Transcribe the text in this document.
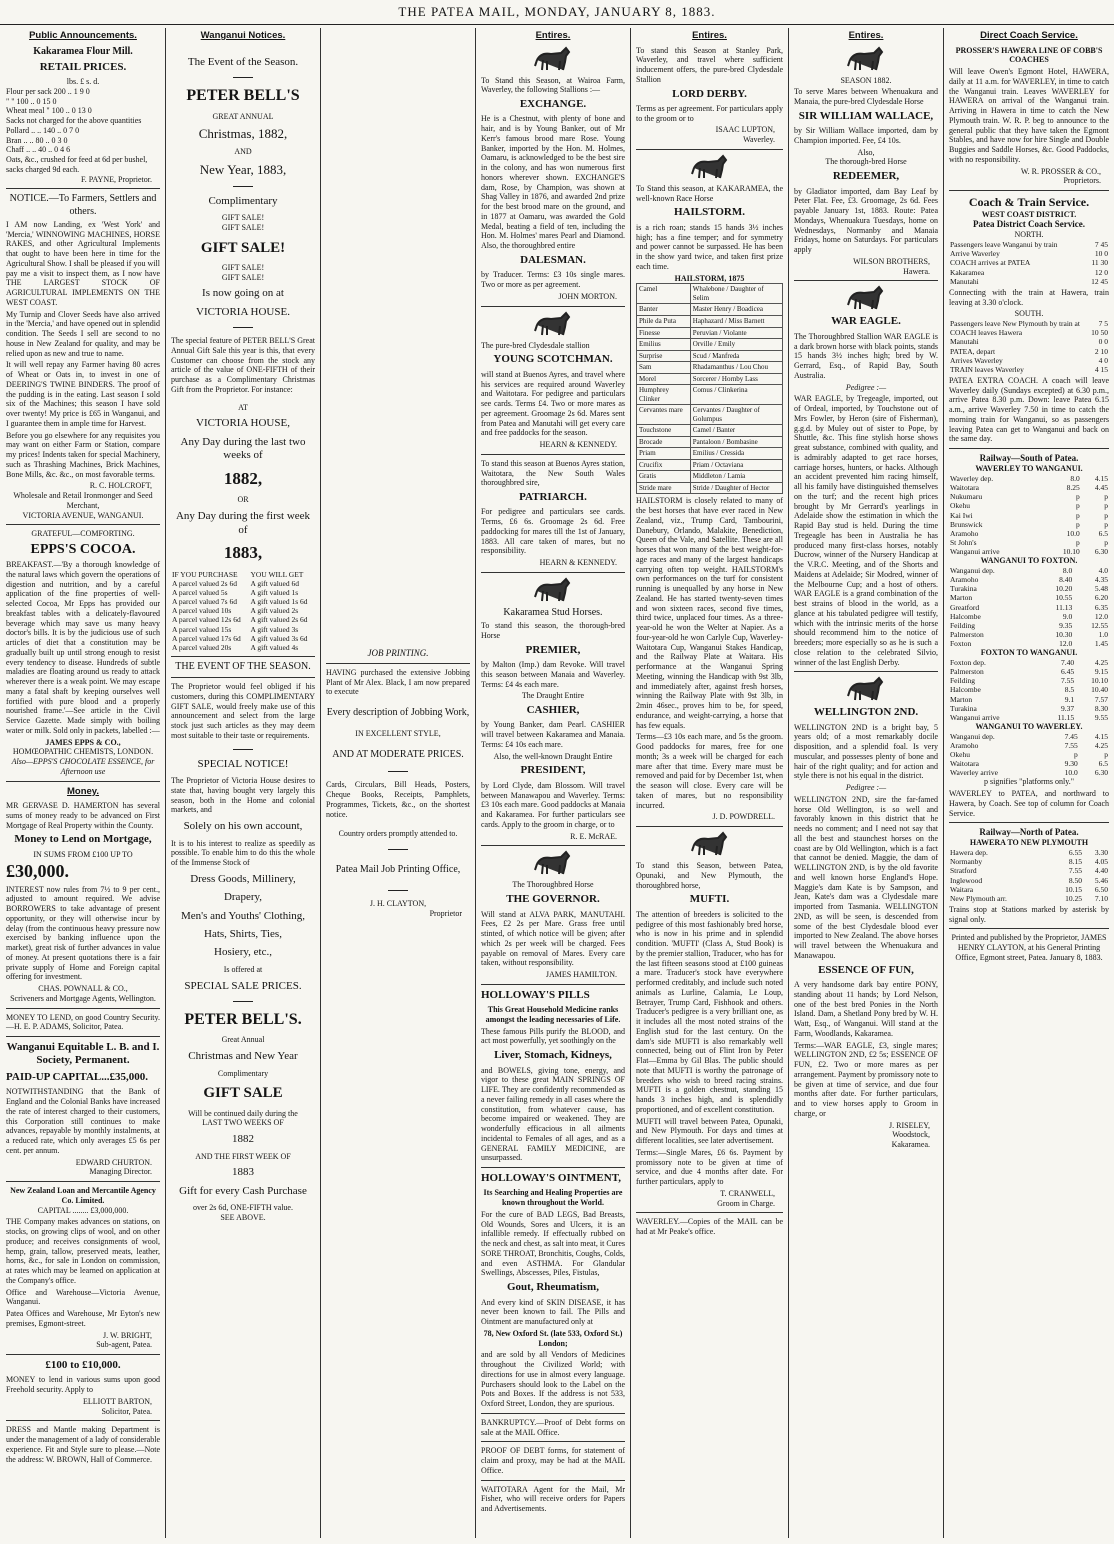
THE PATEA MAIL, MONDAY, JANUARY 8, 1883.
Public Announcements.
Kakaramea Flour Mill.
RETAIL PRICES.
lbs. £ s. d.
Flour per sack 200 .. 1 9 0
" " 100 .. 0 15 0
Wheat meal " 100 .. 0 13 0
Sacks not charged for the above quantities
Pollard .. .. 140 .. 0 7 0
Bran .. .. 80 .. 0 3 0
Chaff .. .. 40 .. 0 4 6
Oats, &c., crushed for feed at 6d per bushel, sacks charged 9d each.
F. PAYNE, Proprietor.
NOTICE.—To Farmers, Settlers and others.

I AM now Landing, ex 'West York' and 'Mercia,' WINNOWING MACHINES, HORSE RAKES, and other Agricultural Implements that ought to have been here in time for the Agricultural Show. I shall be pleased if you will pay me a visit to inspect them, as I now have THE LARGEST STOCK OF AGRICULTURAL IMPLEMENTS ON THE WEST COAST.

My Turnip and Clover Seeds have also arrived in the 'Mercia,' and have opened out in splendid condition. The Seeds I sell are second to no house in New Zealand for quality, and may be relied upon as new and true to name.

It will well repay any Farmer having 80 acres of Wheat or Oats in, to invest in one of DEERING'S TWINE BINDERS. The proof of the pudding is in the eating. Last season I sold six of the Machines; this season I have sold over twenty! My price is £65 in Wanganui, and I guarantee them in ample time for Harvest.

Before you go elsewhere for any requisites you may want on either Farm or Station, compare my prices! Indents taken for special Machinery, such as Thrashing Machines, Brick Machines, Bone Mills, &c. &c., on most favorable terms.

R. C. HOLCROFT,
Wholesale and Retail Ironmonger and Seed Merchant,
VICTORIA AVENUE, WANGANUI.
GRATEFUL—COMFORTING.
EPPS'S COCOA.

BREAKFAST.—'By a thorough knowledge of the natural laws which govern the operations of digestion and nutrition, and by a careful application of the fine properties of well-selected Cocoa, Mr Epps has provided our breakfast tables with a delicately-flavoured beverage which may save us many heavy doctor's bills. It is by the judicious use of such articles of diet that a constitution may be gradually built up until strong enough to resist every tendency to disease. Hundreds of subtle maladies are floating around us ready to attack wherever there is a weak point. We may escape many a fatal shaft by keeping ourselves well fortified with pure blood and a properly nourished frame.'—See article in the Civil Service Gazette. Made simply with boiling water or milk. Sold only in packets, labelled :—

JAMES EPPS & CO.,
HOMŒOPATHIC CHEMISTS, LONDON.
Also—EPPS'S CHOCOLATE ESSENCE, for Afternoon use
Money.

MR GERVASE D. HAMERTON has several sums of money ready to be advanced on First Mortgage of Real Property within the County.

Money to Lend on Mortgage,
IN SUMS FROM £100 UP TO
£30,000.

INTEREST now rules from 7½ to 9 per cent., adjusted to amount required. We advise BORROWERS to take advantage of present opportunity, or they will otherwise incur by delay (from the continuous heavy pressure now exercised by banking influence upon the market), great risk of further advances in value of money. At present quotations there is a fair private supply of Home and Foreign capital offering for investment.

CHAS. POWNALL & CO.,
Scriveners and Mortgage Agents, Wellington.

MONEY TO LEND, on good Country Security.—H. E. P. ADAMS, Solicitor, Patea.

Wanganui Equitable L. B. and I. Society, Permanent.
PAID-UP CAPITAL...£35,000.

NOTWITHSTANDING that the Bank of England and the Colonial Banks have increased the rate of interest charged to their customers, this Corporation still continues to make advances, repayable by monthly instalments, at a reduced rate, which only averages £5 6s per cent. per annum.

EDWARD CHURTON.
Managing Director.
New Zealand Loan and Mercantile Agency Co. Limited.
CAPITAL ........ £3,000,000.

THE Company makes advances on stations, on stocks, on growing clips of wool, and on other produce; and receives consignments of wool, hemp, grain, tallow, preserved meats, leather, horns, &c., for sale in London on commission, at rates which may be learned on application at the Company's office.

Office and Warehouse—Victoria Avenue, Wanganui.

Patea Offices and Warehouse, Mr Eyton's new premises, Egmont-street.

J. W. BRIGHT,
Sub-agent, Patea.
£100 to £10,000.

MONEY to lend in various sums upon good Freehold security. Apply to

ELLIOTT BARTON,
Solicitor, Patea.

DRESS and Mantle making Department is under the management of a lady of considerable experience. Fit and Style sure to please.—Note the address: W. BROWN, Hall of Commerce.

Wanganui Notices.
The Event of the Season.
PETER BELL'S
GREAT ANNUAL
Christmas, 1882,
AND
New Year, 1883,
Complimentary
GIFT SALE!
GIFT SALE!
GIFT SALE!
GIFT SALE!
GIFT SALE!
Is now going on at
VICTORIA HOUSE.

The special feature of PETER BELL'S Great Annual Gift Sale this year is this, that every Customer can choose from the stock any article of the value of ONE-FIFTH of their purchase as a Complimentary Christmas Gift from the Proprietor. For instance:

AT
VICTORIA HOUSE,
Any Day during the last two weeks of
1882,
OR
Any Day during the first week of
1883,
IF YOU PURCHASE	YOU WILL GET
A parcel valued 2s 6d	A gift valued 6d
A parcel valued 5s	A gift valued 1s
A parcel valued 7s 6d	A gift valued 1s 6d
A parcel valued 10s	A gift valued 2s
A parcel valued 12s 6d	A gift valued 2s 6d
A parcel valued 15s	A gift valued 3s
A parcel valued 17s 6d	A gift valued 3s 6d
A parcel valued 20s	A gift valued 4s
THE EVENT OF THE SEASON.

The Proprietor would feel obliged if his customers, during this COMPLIMENTARY GIFT SALE, would freely make use of this announcement and select from the large stock just such articles as they may deem most suitable to their taste or requirements.

SPECIAL NOTICE!

The Proprietor of Victoria House desires to state that, having bought very largely this season, both in the Home and colonial markets, and

Solely on his own account,

It is to his interest to realize as speedily as possible. To enable him to do this the whole of the Immense Stock of

Dress Goods, Millinery,
Drapery,
Men's and Youths' Clothing,
Hats, Shirts, Ties,
Hosiery, etc.,
Is offered at
SPECIAL SALE PRICES.
PETER BELL'S.
Great Annual
Christmas and New Year
Complimentary
GIFT SALE
Will be continued daily during the
LAST TWO WEEKS OF
1882
AND THE FIRST WEEK OF
1883
Gift for every Cash Purchase
over 2s 6d, ONE-FIFTH value.
SEE ABOVE.
JOB PRINTING.

HAVING purchased the extensive Jobbing Plant of Mr Alex. Black, I am now prepared to execute

Every description of Jobbing Work,
IN EXCELLENT STYLE,
AND AT MODERATE PRICES.

Cards, Circulars, Bill Heads, Posters, Cheque Books, Receipts, Pamphlets, Programmes, Tickets, &c., on the shortest notice.

Country orders promptly attended to.
Patea Mail Job Printing Office,
J. H. CLAYTON,
Proprietor
Entires.

To Stand this Season, at Wairoa Farm, Waverley, the following Stallions :—

EXCHANGE.

He is a Chestnut, with plenty of bone and hair, and is by Young Banker, out of Mr Kerr's famous brood mare Rose. Young Banker, imported by the Hon. M. Holmes, Oamaru, is acknowledged to be the best sire in the colony, and has won numerous first honors wherever shown. EXCHANGE'S dam, Rose, by Champion, was shown at Shag Valley in 1876, and awarded 2nd prize for the best brood mare on the ground, and in 1877 at Oamaru, was awarded the Gold Medal, beating a field of ten, including the Hon. M. Holmes' mares Pearl and Diamond. Also, the thoroughbred entire

DALESMAN.

by Traducer. Terms: £3 10s single mares. Two or more as per agreement.

JOHN MORTON.

The pure-bred Clydesdale stallion

YOUNG SCOTCHMAN.

will stand at Buenos Ayres, and travel where his services are required around Waverley and Waitotara. For pedigree and particulars see cards. Terms £4. Two or more mares as per agreement. Groomage 2s 6d. Mares sent from Patea and Manutahi will get every care and free paddocks for the season.

HEARN & KENNEDY.

To stand this season at Buenos Ayres station, Waitotara, the New South Wales thoroughbred sire,

PATRIARCH.

For pedigree and particulars see cards. Terms, £6 6s. Groomage 2s 6d. Free paddocking for mares till the 1st of January, 1883. All care taken of mares, but no responsibility.

HEARN & KENNEDY.
Kakaramea Stud Horses.

To stand this season, the thorough-bred Horse

PREMIER,

by Malton (Imp.) dam Revoke. Will travel this season between Manaia and Waverley. Terms: £4 4s each mare.

The Draught Entire
CASHIER,

by Young Banker, dam Pearl. CASHIER will travel between Kakaramea and Manaia. Terms: £4 10s each mare.

Also, the well-known Draught Entire
PRESIDENT,

by Lord Clyde, dam Blossom. Will travel between Manawapou and Waverley. Terms: £3 10s each mare. Good paddocks at Manaia and Kakaramea. For further particulars see cards. Apply to the groom in charge, or to

R. E. McRAE.
The Thoroughbred Horse
THE GOVERNOR.

Will stand at ALVA PARK, MANUTAHI. Fees, £2 2s per Mare. Grass free until stinted, of which notice will be given; after which 2s per week will be charged. Fees payable on removal of Mares. Every care taken, without responsibility.

JAMES HAMILTON.
HOLLOWAY'S PILLS
This Great Household Medicine ranks amongst the leading necessaries of Life.

These famous Pills purify the BLOOD, and act most powerfully, yet soothingly on the

Liver, Stomach, Kidneys,

and BOWELS, giving tone, energy, and vigor to these great MAIN SPRINGS OF LIFE. They are confidently recommended as a never failing remedy in all cases where the constitution, from whatever cause, has become impaired or weakened. They are wonderfully efficacious in all ailments incidental to Females of all ages, and as a GENERAL FAMILY MEDICINE, are unsurpassed.

HOLLOWAY'S OINTMENT,
Its Searching and Healing Properties are known throughout the World.

For the cure of BAD LEGS, Bad Breasts, Old Wounds, Sores and Ulcers, it is an infallible remedy. If effectually rubbed on the neck and chest, as salt into meat, it Cures SORE THROAT, Bronchitis, Coughs, Colds, and even ASTHMA. For Glandular Swellings, Abscesses, Piles, Fistulas,

Gout, Rheumatism,

And every kind of SKIN DISEASE, it has never been known to fail. The Pills and Ointment are manufactured only at

78, New Oxford St. (late 533, Oxford St.) London;

and are sold by all Vendors of Medicines throughout the Civilized World; with directions for use in almost every language. Purchasers should look to the Label on the Pots and Boxes. If the address is not 533, Oxford Street, London, they are spurious.

BANKRUPTCY.—Proof of Debt forms on sale at the MAIL Office.

PROOF OF DEBT forms, for statement of claim and proxy, may be had at the MAIL Office.

WAITOTARA Agent for the Mail, Mr Fisher, who will receive orders for Papers and Advertisements.

Entires.

To stand this Season at Stanley Park, Waverley, and travel where sufficient inducement offers, the pure-bred Clydesdale Stallion

LORD DERBY.

Terms as per agreement. For particulars apply to the groom or to

ISAAC LUPTON,
Waverley.

To Stand this season, at KAKARAMEA, the well-known Race Horse

HAILSTORM.

is a rich roan; stands 15 hands 3½ inches high; has a fine temper; and for symmetry and power cannot be surpassed. He has been in the show yard twice, and taken first prize each time.

HAILSTORM, 1875
Camel	Whalebone / Daughter of Selim
Banter	Master Henry / Boadicea
Phile da Puta	Haphazard / Miss Barnett
Finesse	Peruvian / Violante
Emilius	Orville / Emily
Surprise	Scud / Manfreda
Sam	Rhadamanthus / Lou Chou
Morel	Sorcerer / Hornby Lass
Humphrey Clinker	Comus / Clinkerina
Cervantes mare	Cervantes / Daughter of Golumpus
Touchstone	Camel / Banter
Brocade	Pantaloon / Bombasine
Priam	Emilius / Cressida
Crucifix	Priam / Octaviana
Gratis	Middleton / Lamia
Stride mare	Stride / Daughter of Hector

HAILSTORM is closely related to many of the best horses that have ever raced in New Zealand, viz., Trump Card, Tambourini, Danebury, Orlando, Malakite, Benediction, Queen of the Vale, and Satellite. These are all horses that won many of the best weight-for-age races and many of the largest handicaps carrying often top weight. HAILSTORM's own performances on the turf for consistent running is unequalled by any horse in New Zealand. He has started twenty-seven times and won sixteen races, second five times, third twice, unplaced four times. As a three-year-old he won the Welter at Napier. As a four-year-old he won Carlyle Cup, Waverley-Waitotara Cup, Wanganui Stakes Handicap, and the Railway Plate at Waitara. His performance at the Wanganui Spring Meeting, winning the Handicap with 9st 3lb, and immediately after, against fresh horses, winning the Railway Plate with 9st 3lb, in 2min 46sec., proves him to be, for speed, endurance, and weight-carrying, a horse that has few equals.

Terms—£3 10s each mare, and 5s the groom. Good paddocks for mares, free for one month; 3s a week will be charged for each mare after that time. Every mare must be removed and paid for by December 1st, when the season will close. Every care will be taken of mares, but no responsibility incurred.

J. D. POWDRELL.

To stand this Season, between Patea, Opunaki, and New Plymouth, the thoroughbred horse,

MUFTI.

The attention of breeders is solicited to the pedigree of this most fashionably bred horse, who is now in his prime and in splendid condition. 'MUFTI' (Class A, Stud Book) is by the premier stallion, Traducer, who has for the last fifteen seasons stood at £100 guineas a mare. Traducer's stock have everywhere performed creditably, and include such noted animals as Lurline, Calamia, Le Loup, Betrayer, Trump Card, Fishhook and others. Traducer's pedigree is a very brilliant one, as it includes all the most noted strains of the English stud for the last century. On the dam's side MUFTI is also remarkably well connected, being out of Flint Iron by Peter Flat—Emma by Gil Blas. The public should note that MUFTI is worthy the patronage of breeders who wish to breed racing strains. MUFTI is a golden chestnut, standing 15 hands 3 inches high, and is splendidly proportioned, and of excellent constitution.

MUFTI will travel between Patea, Opunaki, and New Plymouth. For days and times at different localities, see later advertisement.

Terms:—Single Mares, £6 6s. Payment by promissory note to be given at time of service, and due 4 months after date. For further particulars, apply to

T. CRANWELL,
Groom in Charge.

WAVERLEY.—Copies of the MAIL can be had at Mr Peake's office.

Entires.
SEASON 1882.

To serve Mares between Whenuakura and Manaia, the pure-bred Clydesdale Horse

SIR WILLIAM WALLACE,

by Sir William Wallace imported, dam by Champion imported. Fee, £4 10s.

Also,
The thorough-bred Horse
REDEEMER,

by Gladiator imported, dam Bay Leaf by Peter Flat. Fee, £3. Groomage, 2s 6d. Fees payable January 1st, 1883. Route: Patea Mondays, Whenuakura Tuesdays, home on Wednesdays, Normanby and Manaia Fridays, home on Saturdays. For particulars apply

WILSON BROTHERS,
Hawera.
WAR EAGLE.

The Thoroughbred Stallion WAR EAGLE is a dark brown horse with black points, stands 15 hands 3½ inches high; bred by W. Gerrard, Esq., of Rapid Bay, South Australia.

Pedigree :—

WAR EAGLE, by Tregeagle, imported, out of Ordeal, imported, by Touchstone out of Mrs Fowler, by Heron (sire of Fisherman), g.g.d. by Muley out of sister to Pope, by Shuttle, &c. This fine stylish horse shows great substance, combined with quality, and is admirably adapted to get race horses, carriage horses, hunters, or hacks. Although an accident prevented him racing himself, all his family have distinguished themselves on the turf; and the recent high prices brought by Mr Gerrard's yearlings in Adelaide show the estimation in which the Rapid Bay stud is held. During the time Tregeagle has been in Australia he has produced many first-class horses, notably Ducrow, winner of the Nursery Handicap at the V.R.C. Meeting, and of the Shorts and Maidens at Adelaide; Sir Modred, winner of the Melbourne Cup; and a host of others. WAR EAGLE is a grand combination of the best strains of blood in the world, as a glance at his tabulated pedigree will testify, which with the intrinsic merits of the horse should recommend him to the notice of breeders; more especially so as he is such a close relation to the celebrated Silvio, winner of the last English Derby.

WELLINGTON 2ND.

WELLINGTON 2ND is a bright bay, 5 years old; of a most remarkably docile disposition, and a splendid foal. Is very muscular, and possesses plenty of bone and hair of the right quality; and for action and style there is not his equal in the district.

Pedigree :—

WELLINGTON 2ND, sire the far-famed horse Old Wellington, is so well and favorably known in this district that he needs no comment; and I need not say that all the best and staunchest horses on the coast are by Old Wellington, which is a fact that cannot be denied. Maggie, the dam of WELLINGTON 2ND, is by the old favorite and well known horse England's Hope. Maggie's dam Kate is by Sampson, and Jean, Kate's dam was a Clydesdale mare imported from Tasmania. WELLINGTON 2ND, as will be seen, is descended from some of the best Clydesdale blood ever imported to New Zealand. The above horses will travel between the Whenuakura and Manawapou.

ESSENCE OF FUN,

A very handsome dark bay entire PONY, standing about 11 hands; by Lord Nelson, one of the best bred Ponies in the North Island. Dam, a Shetland Pony bred by W. H. Watt, Esq., of Wanganui. Will stand at the Farm, Woodlands, Kakaramea.

Terms:—WAR EAGLE, £3, single mares; WELLINGTON 2ND, £2 5s; ESSENCE OF FUN, £2. Two or more mares as per arrangement. Payment by promissory note to be given at time of service, and due four months after date. For further particulars, and to view horses apply to Groom in charge, or

J. RISELEY,
Woodstock,
Kakaramea.
Direct Coach Service.
PROSSER'S HAWERA LINE OF COBB'S COACHES

Will leave Owen's Egmont Hotel, HAWERA, daily at 11 a.m. for WAVERLEY, in time to catch the Wanganui train. Leaves WAVERLEY for HAWERA on arrival of the Wanganui train. Arriving in Hawera in time to catch the New Plymouth train. W. R. P. beg to announce to the general public that they have taken the Egmont Stables, and have now for hire Single and Double Buggies and Saddle Horses, &c. Good Paddocks, with no responsibility.

W. R. PROSSER & CO.,
Proprietors.
Coach & Train Service.
WEST COAST DISTRICT.
Patea District Coach Service.
NORTH.
Passengers leave Wanganui by train	7 45
Arrive Waverley	10 0
COACH arrives at PATEA	11 30
Kakaramea	12 0
Manutahi	12 45

Connecting with the train at Hawera, train leaving at 3.30 o'clock.

SOUTH.
Passengers leave New Plymouth by train at	7 5
COACH leaves Hawera	10 50
Manutahi	0 0
PATEA, depart	2 10
Arrives Waverley	4 0
TRAIN leaves Waverley	4 15

PATEA EXTRA COACH. A coach will leave Waverley daily (Sundays excepted) at 6.30 p.m., arrive Patea 8.30 p.m. Down: leave Patea 6.15 a.m., arrive Waverley 7.50 in time to catch the morning train for Wanganui, so as passengers leaving Patea can get to Wanganui and back on the same day.

Railway—South of Patea.
WAVERLEY TO WANGANUI.
Waverley dep.	8.0	4.15
Waitotara	8.25	4.45
Nukumaru	p	p
Okehu	p	p
Kai Iwi	p	p
Brunswick	p	p
Aramoho	10.0	6.5
St John's	p	p
Wanganui arrive	10.10	6.30
WANGANUI TO FOXTON.
Wanganui dep.	8.0	4.0
Aramoho	8.40	4.35
Turakina	10.20	5.48
Marton	10.55	6.20
Greatford	11.13	6.35
Halcombe	9.0	12.0
Feilding	9.35	12.55
Palmerston	10.30	1.0
Foxton	12.0	1.45
FOXTON TO WANGANUI.
Foxton dep.	7.40	4.25
Palmerston	6.45	9.15
Feilding	7.55	10.10
Halcombe	8.5	10.40
Marton	9.1	7.57
Turakina	9.37	8.30
Wanganui arrive	11.15	9.55
WANGANUI TO WAVERLEY.
Wanganui dep.	7.45	4.15
Aramoho	7.55	4.25
Okehu	p	p
Waitotara	9.30	6.5
Waverley arrive	10.0	6.30
p signifies "platforms only."

WAVERLEY to PATEA, and northward to Hawera, by Coach. See top of column for Coach Service.

Railway—North of Patea.
HAWERA TO NEW PLYMOUTH
Hawera dep.	6.55	3.30
Normanby	8.15	4.05
Stratford	7.55	4.40
Inglewood	8.50	5.46
Waitara	10.15	6.50
New Plymouth arr.	10.25	7.10

Trains stop at Stations marked by asterisk by signal only.

Printed and published by the Proprietor, JAMES HENRY CLAYTON, at his General Printing Office, Egmont street, Patea. January 8, 1883.
